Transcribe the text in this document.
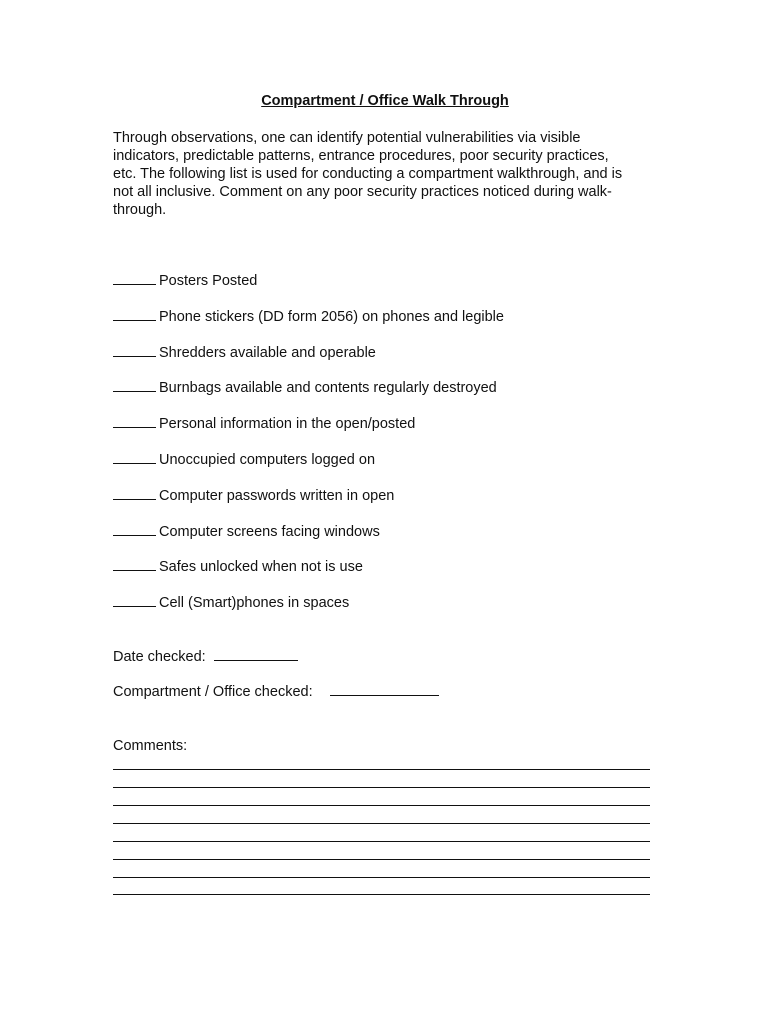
Compartment / Office Walk Through
Through observations, one can identify potential vulnerabilities via visible
indicators, predictable patterns, entrance procedures, poor security practices,
etc. The following list is used for conducting a compartment walkthrough, and is
not all inclusive. Comment on any poor security practices noticed during walk-
through.
Posters Posted
Phone stickers (DD form 2056) on phones and legible
Shredders available and operable
Burnbags available and contents regularly destroyed
Personal information in the open/posted
Unoccupied computers logged on
Computer passwords written in open
Computer screens facing windows
Safes unlocked when not is use
Cell (Smart)phones in spaces
Date checked:
Compartment / Office checked:
Comments:
